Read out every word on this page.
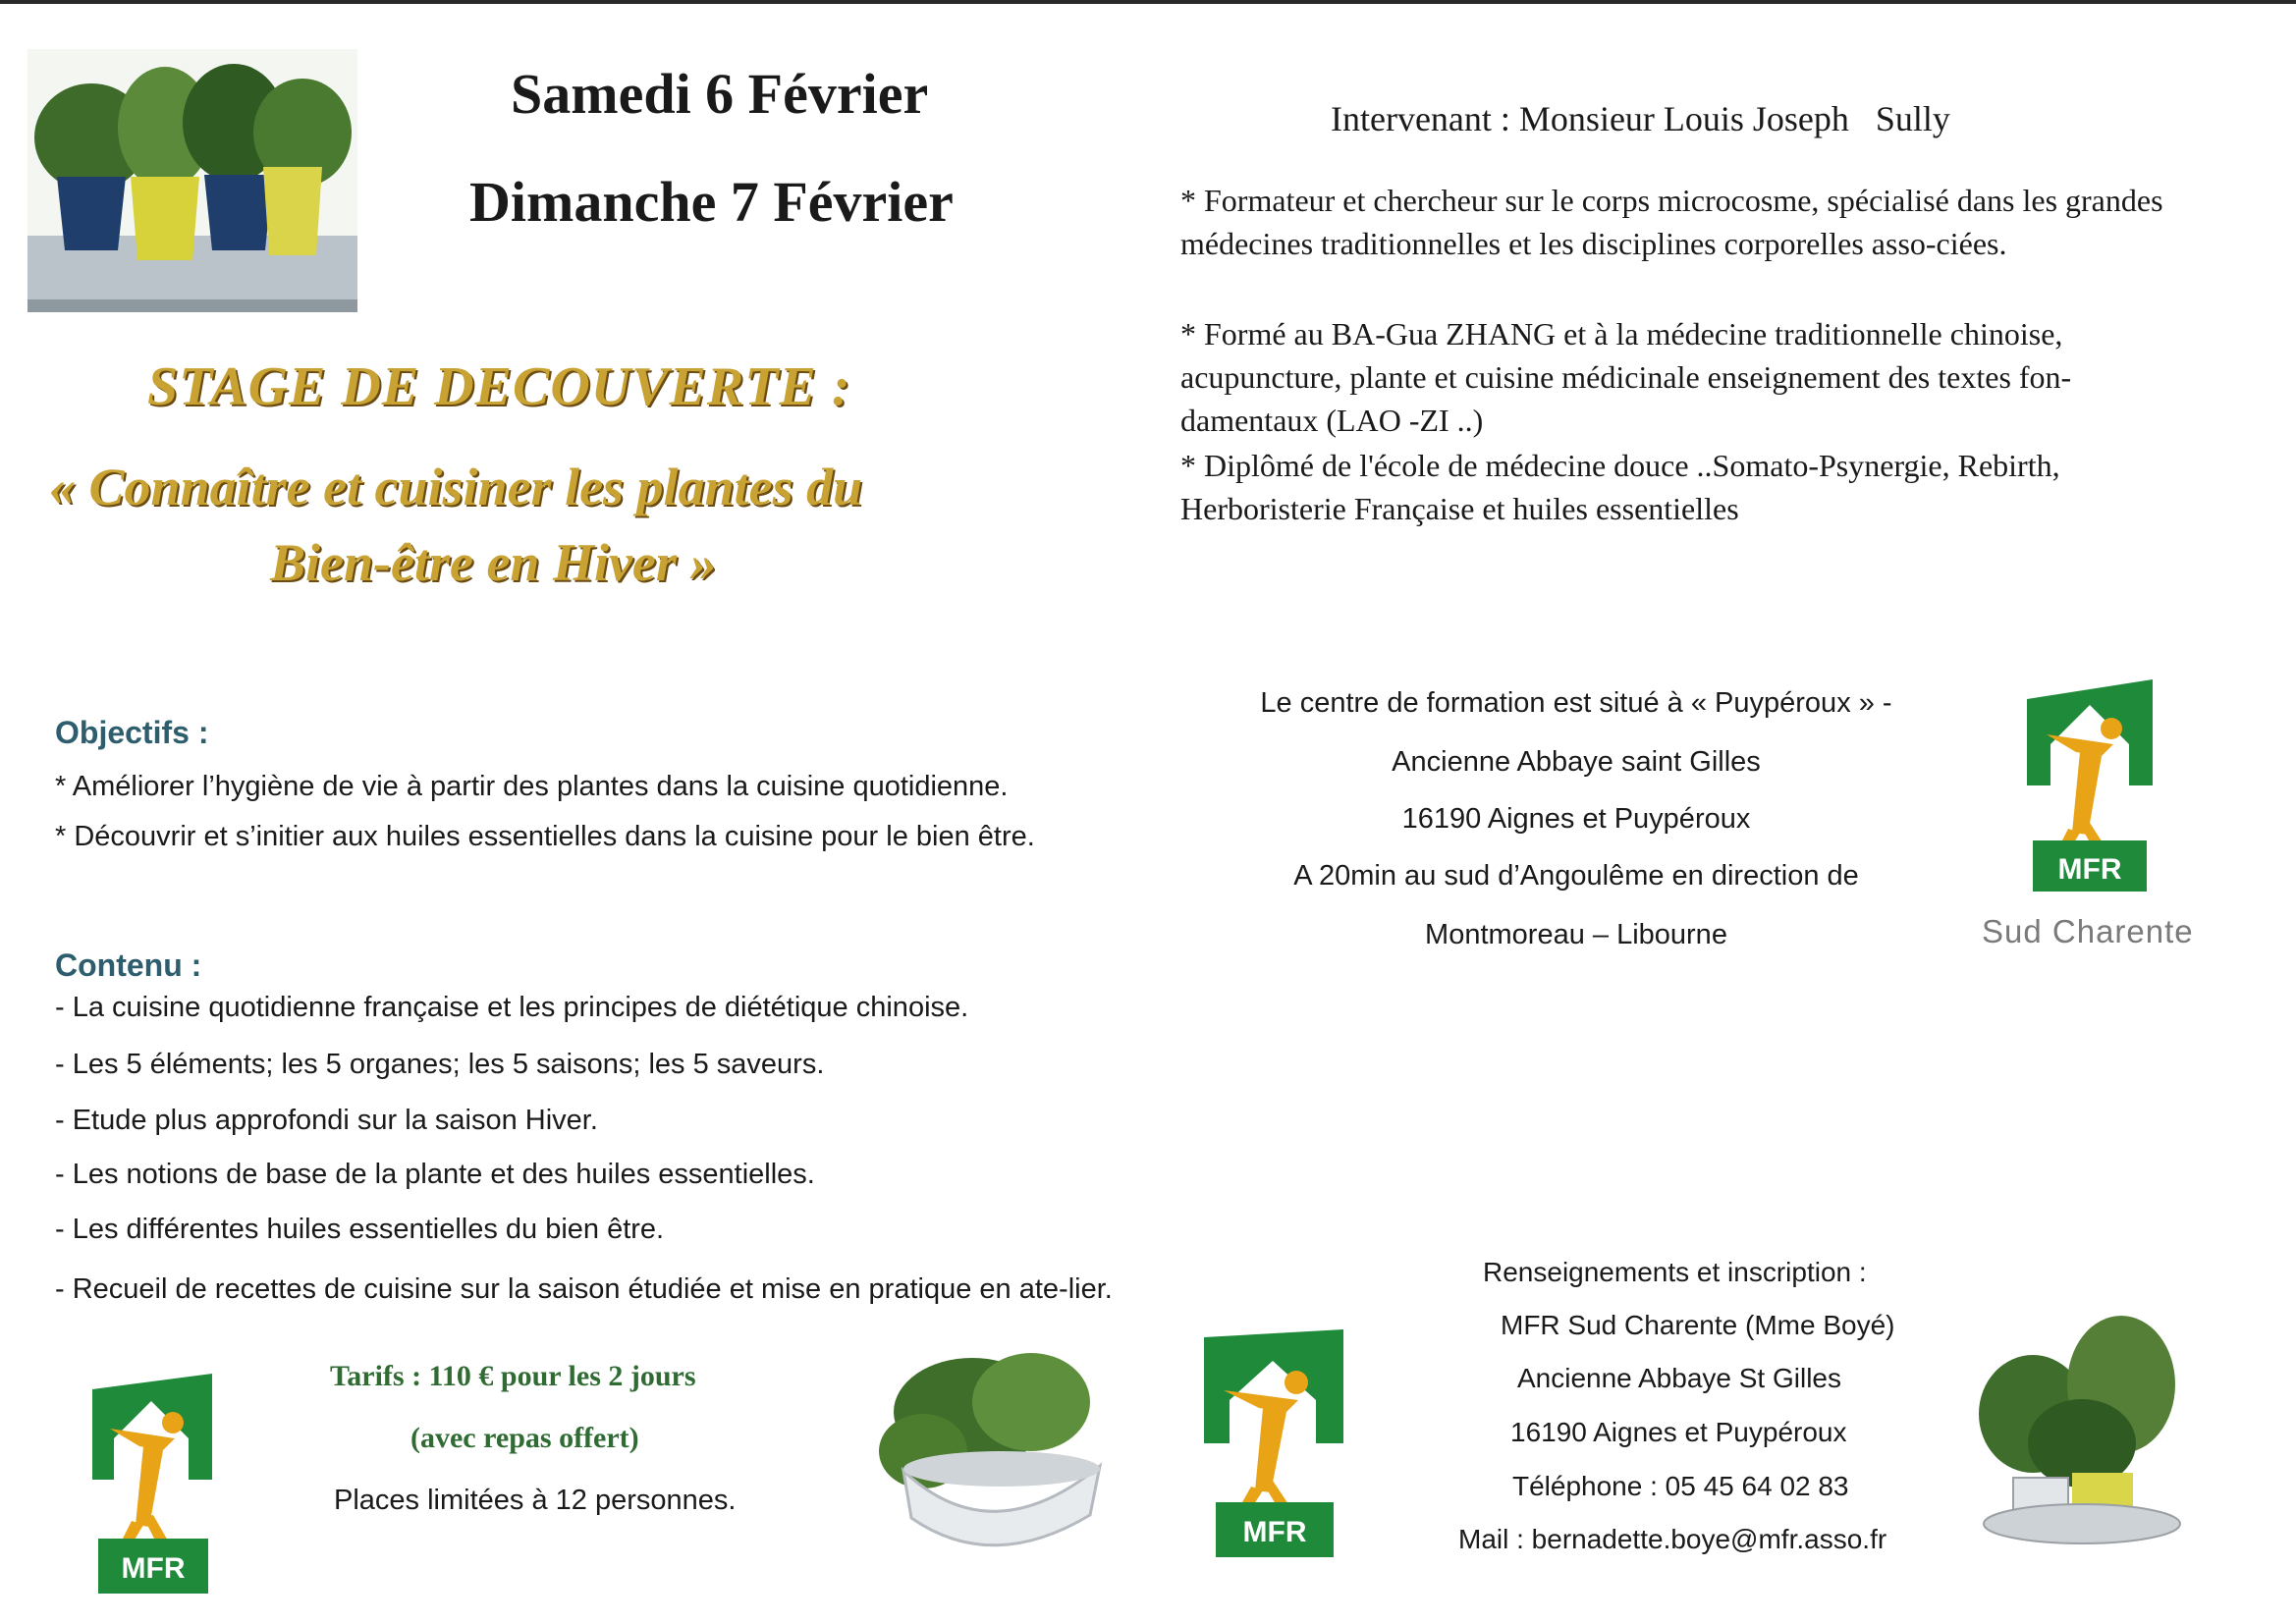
Samedi 6 Février
Dimanche 7 Février
STAGE DE DECOUVERTE :
« Connaître et cuisiner les plantes du
Bien-être en Hiver »
Intervenant : Monsieur Louis Joseph   Sully
* Formateur et chercheur sur le corps microcosme, spécialisé dans les grandes médecines traditionnelles et les disciplines corporelles asso-ciées.
* Formé au BA-Gua ZHANG et à la médecine traditionnelle chinoise, acupuncture, plante et cuisine médicinale enseignement des textes fon-damentaux (LAO -ZI ..)
* Diplômé de l'école de médecine douce ..Somato-Psynergie, Rebirth, Herboristerie Française et huiles essentielles
Objectifs :
* Améliorer l’hygiène de vie à partir des plantes dans la cuisine quotidienne.
* Découvrir et s’initier aux huiles essentielles dans la cuisine pour le bien être.
Contenu :
- La cuisine quotidienne française et les principes de diététique chinoise.
- Les 5 éléments; les 5 organes; les 5 saisons; les 5 saveurs.
- Etude plus approfondi sur la saison Hiver.
- Les notions de base de la plante et des huiles essentielles.
- Les différentes huiles essentielles du bien être.
- Recueil de recettes de cuisine sur la saison étudiée et mise en pratique en ate-lier.
Tarifs : 110 € pour les 2 jours
(avec repas offert)
Places limitées à 12 personnes.
Le centre de formation est situé à « Puypéroux » -
Ancienne Abbaye saint Gilles
16190 Aignes et Puypéroux
A 20min au sud d’Angoulême en direction de
Montmoreau – Libourne
Renseignements et inscription :
MFR Sud Charente (Mme Boyé)
Ancienne Abbaye St Gilles
16190 Aignes et Puypéroux
Téléphone : 05 45 64 02 83
Mail : bernadette.boye@mfr.asso.fr
MFR
Sud Charente
MFR
MFR
